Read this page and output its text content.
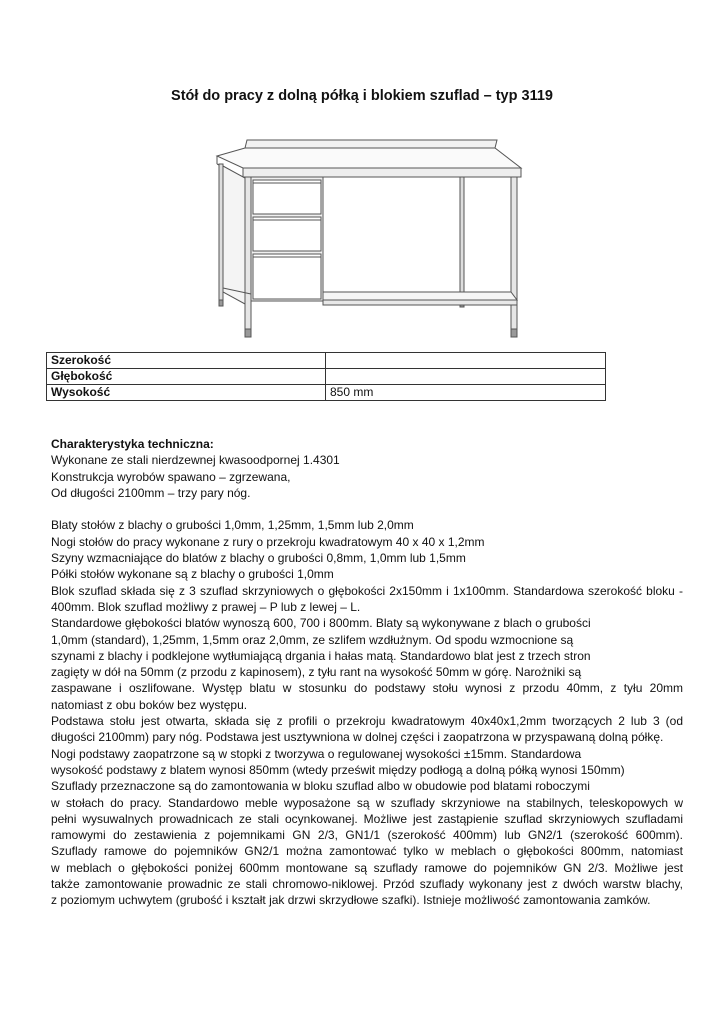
Stół do pracy z dolną półką i blokiem szuflad – typ 3119
Szerokość	
Głębokość	
Wysokość	850 mm

Charakterystyka techniczna:

Wykonane ze stali nierdzewnej kwasoodpornej 1.4301

Konstrukcja wyrobów spawano – zgrzewana,

Od długości 2100mm – trzy pary nóg.

Blaty stołów z blachy o grubości 1,0mm, 1,25mm, 1,5mm lub 2,0mm

Nogi stołów do pracy wykonane z rury o przekroju kwadratowym 40 x 40 x 1,2mm

Szyny wzmacniające do blatów z blachy o grubości 0,8mm, 1,0mm lub 1,5mm

Półki stołów wykonane są z blachy o grubości 1,0mm

Blok szuflad składa się z 3 szuflad skrzyniowych o głębokości 2x150mm i 1x100mm. Standardowa szerokość bloku -

400mm. Blok szuflad możliwy z prawej – P lub z lewej – L.

Standardowe głębokości blatów wynoszą 600, 700 i 800mm. Blaty są wykonywane z blach o grubości

1,0mm (standard), 1,25mm, 1,5mm oraz 2,0mm, ze szlifem wzdłużnym. Od spodu wzmocnione są

szynami z blachy i podklejone wytłumiającą drgania i hałas matą. Standardowo blat jest z trzech stron

zagięty w dół na 50mm (z przodu z kapinosem), z tyłu rant na wysokość 50mm w górę. Narożniki są

zaspawane i oszlifowane. Występ blatu w stosunku do podstawy stołu wynosi z przodu 40mm, z tyłu 20mm

natomiast z obu boków bez występu.

Podstawa stołu jest otwarta, składa się z profili o przekroju kwadratowym 40x40x1,2mm tworzących 2 lub 3 (od

długości 2100mm) pary nóg. Podstawa jest usztywniona w dolnej części i zaopatrzona w przyspawaną dolną półkę.

Nogi podstawy zaopatrzone są w stopki z tworzywa o regulowanej wysokości ±15mm. Standardowa

wysokość podstawy z blatem wynosi 850mm (wtedy prześwit między podłogą a dolną półką wynosi 150mm)

Szuflady przeznaczone są do zamontowania w bloku szuflad albo w obudowie pod blatami roboczymi

w stołach do pracy. Standardowo meble wyposażone są w szuflady skrzyniowe na stabilnych, teleskopowych w

pełni wysuwalnych prowadnicach ze stali ocynkowanej. Możliwe jest zastąpienie szuflad skrzyniowych szufladami

ramowymi do zestawienia z pojemnikami GN 2/3, GN1/1 (szerokość 400mm) lub GN2/1 (szerokość 600mm).

Szuflady ramowe do pojemników GN2/1 można zamontować tylko w meblach o głębokości 800mm, natomiast

w meblach o głębokości poniżej 600mm montowane są szuflady ramowe do pojemników GN 2/3. Możliwe jest

także zamontowanie prowadnic ze stali chromowo-niklowej. Przód szuflady wykonany jest z dwóch warstw blachy,

z poziomym uchwytem (grubość i kształt jak drzwi skrzydłowe szafki). Istnieje możliwość zamontowania zamków.
